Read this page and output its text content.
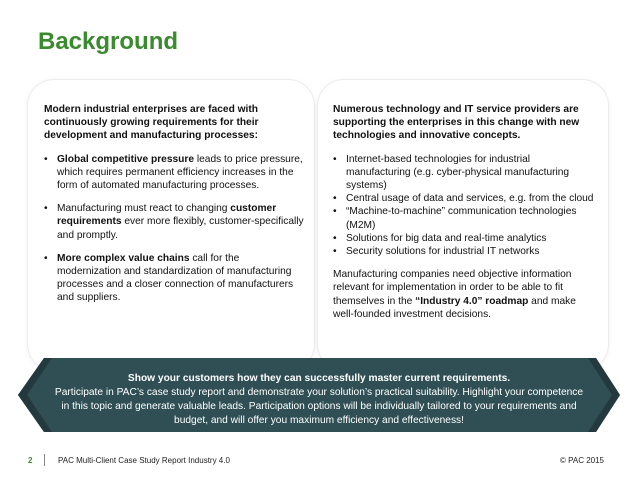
Background
Modern industrial enterprises are faced with continuously growing requirements for their development and manufacturing processes:
• Global competitive pressure leads to price pressure, which requires permanent efficiency increases in the form of automated manufacturing processes.
• Manufacturing must react to changing customer requirements ever more flexibly, customer-specifically and promptly.
• More complex value chains call for the modernization and standardization of manufacturing processes and a closer connection of manufacturers and suppliers.
Numerous technology and IT service providers are supporting the enterprises in this change with new technologies and innovative concepts.
• Internet-based technologies for industrial manufacturing (e.g. cyber-physical manufacturing systems)
• Central usage of data and services, e.g. from the cloud
• “Machine-to-machine” communication technologies (M2M)
• Solutions for big data and real-time analytics
• Security solutions for industrial IT networks
Manufacturing companies need objective information relevant for implementation in order to be able to fit themselves in the “Industry 4.0” roadmap and make well-founded investment decisions.
Show your customers how they can successfully master current requirements.
Participate in PAC’s case study report and demonstrate your solution’s practical suitability. Highlight your competence in this topic and generate valuable leads. Participation options will be individually tailored to your requirements and budget, and will offer you maximum efficiency and effectiveness!
2	PAC Multi-Client Case Study Report Industry 4.0	© PAC 2015
